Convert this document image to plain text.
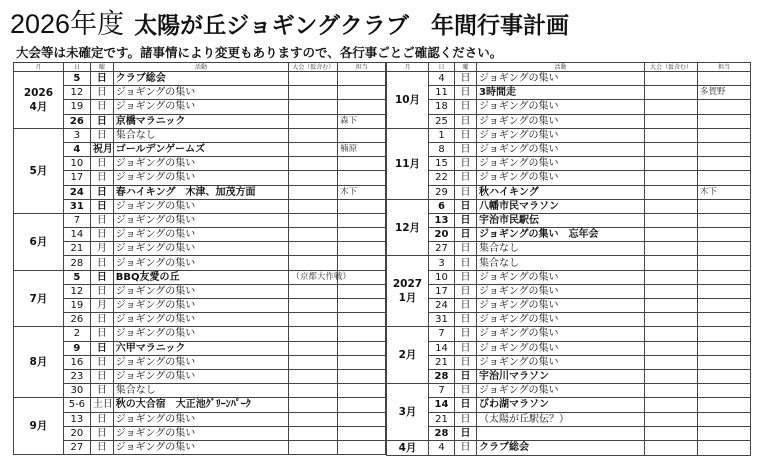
2026年度 太陽が丘ジョギングクラブ 年間行事計画
大会等は未確定です。諸事情により変更もありますので、各行事ごとご確認ください。
月	日	曜	活動	大会（仮含む）	担当
2026
4月	5	日	クラブ総会		
	12	日	ジョギングの集い		
	19	日	ジョギングの集い		
	26	日	京橋マラニック		森下
5月	3	日	集合なし		
	4	祝月	ゴールデンゲームズ		楠原
	10	日	ジョギングの集い		
	17	日	ジョギングの集い		
	24	日	春ハイキング　木津、加茂方面		木下
	31	日	ジョギングの集い		
6月	7	日	ジョギングの集い		
	14	日	ジョギングの集い		
	21	月	ジョギングの集い		
	28	日	ジョギングの集い		
7月	5	日	BBQ友愛の丘	（京都大作戦）	
	12	日	ジョギングの集い		
	19	月	ジョギングの集い		
	26	日	ジョギングの集い		
8月	2	日	ジョギングの集い		
	9	日	六甲マラニック		
	16	日	ジョギングの集い		
	23	日	ジョギングの集い		
	30	日	集合なし		
9月	5-6	土日	秋の大合宿　大正池ｸﾞﾘｰﾝﾊﾟｰｸ		
	13	日	ジョギングの集い		
	20	日	ジョギングの集い		
	27	日	ジョギングの集い		
月	日	曜	活動	大会（仮含む）	担当
10月	4	日	ジョギングの集い		
	11	日	3時間走		多賀野
	18	日	ジョギングの集い		
	25	日	ジョギングの集い		
11月	1	日	ジョギングの集い		
	8	日	ジョギングの集い		
	15	日	ジョギングの集い		
	22	日	ジョギングの集い		
	29	日	秋ハイキング		木下
12月	6	日	八幡市民マラソン		
	13	日	宇治市民駅伝		
	20	日	ジョギングの集い　忘年会		
	27	日	集合なし		
2027
1月	3	日	集合なし		
	10	日	ジョギングの集い		
	17	日	ジョギングの集い		
	24	日	ジョギングの集い		
	31	日	ジョギングの集い		
2月	7	日	ジョギングの集い		
	14	日	ジョギングの集い		
	21	日	ジョギングの集い		
	28	日	宇治川マラソン		
3月	7	日	ジョギングの集い		
	14	日	びわ湖マラソン		
	21	日	（太陽が丘駅伝？）		
	28	日			
4月	4	日	クラブ総会		
